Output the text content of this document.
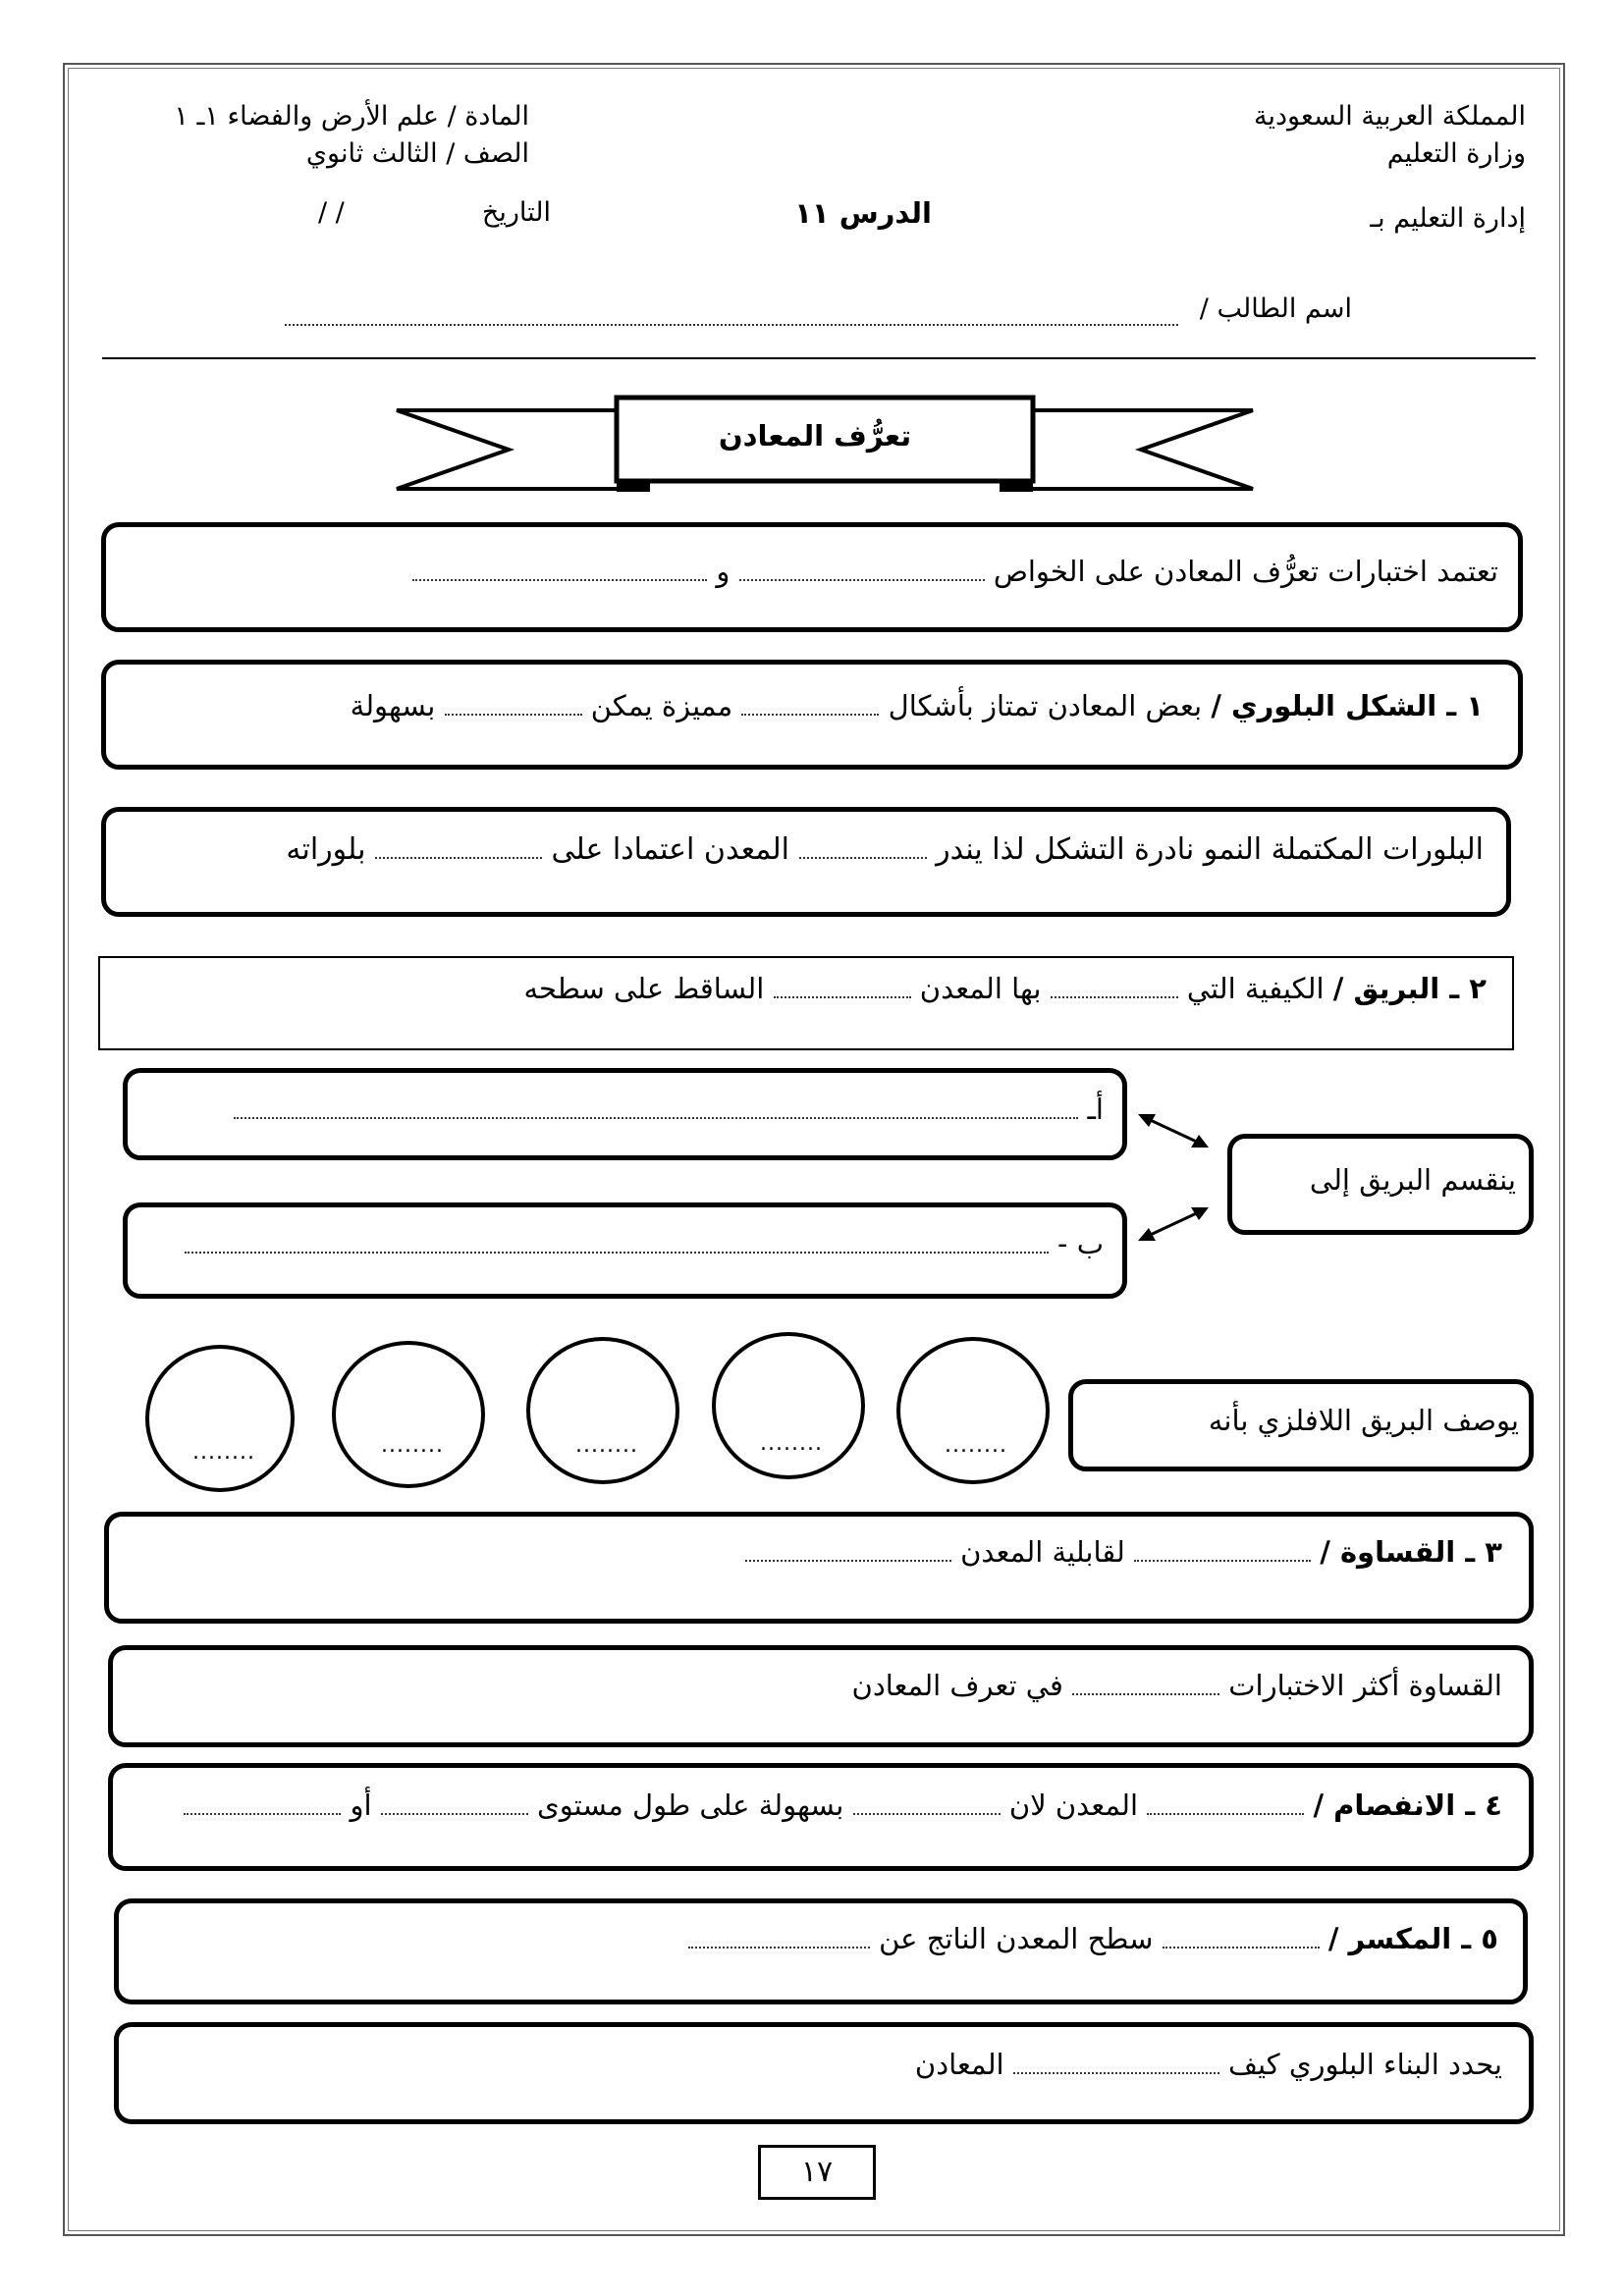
المملكة العربية السعودية
وزارة التعليم
إدارة التعليم بـ
المادة / علم الأرض والفضاء ١ـ ١
الصف / الثالث ثانوي
التاريخ
/ /	الدرس ١١
اسم الطالب /
تعرُّف المعادن
تعتمد اختبارات تعرُّف المعادن على الخواص  و
١ ـ الشكل البلوري / بعض المعادن تمتاز بأشكال  مميزة يمكن  بسهولة
البلورات المكتملة النمو نادرة التشكل لذا يندر  المعدن اعتمادا على  بلوراته
٢ ـ البريق / الكيفية التي  بها المعدن  الساقط على سطحه
أـ
ب -
ينقسم البريق إلى
يوصف البريق اللافلزي بأنه
........
........
........
........
........
٣ ـ القساوة /  لقابلية المعدن
القساوة أكثر الاختبارات  في تعرف المعادن
٤ ـ الانفصام /  المعدن لان  بسهولة على طول مستوى  أو
٥ ـ المكسر /  سطح المعدن الناتج عن
يحدد البناء البلوري كيف  المعادن
١٧
